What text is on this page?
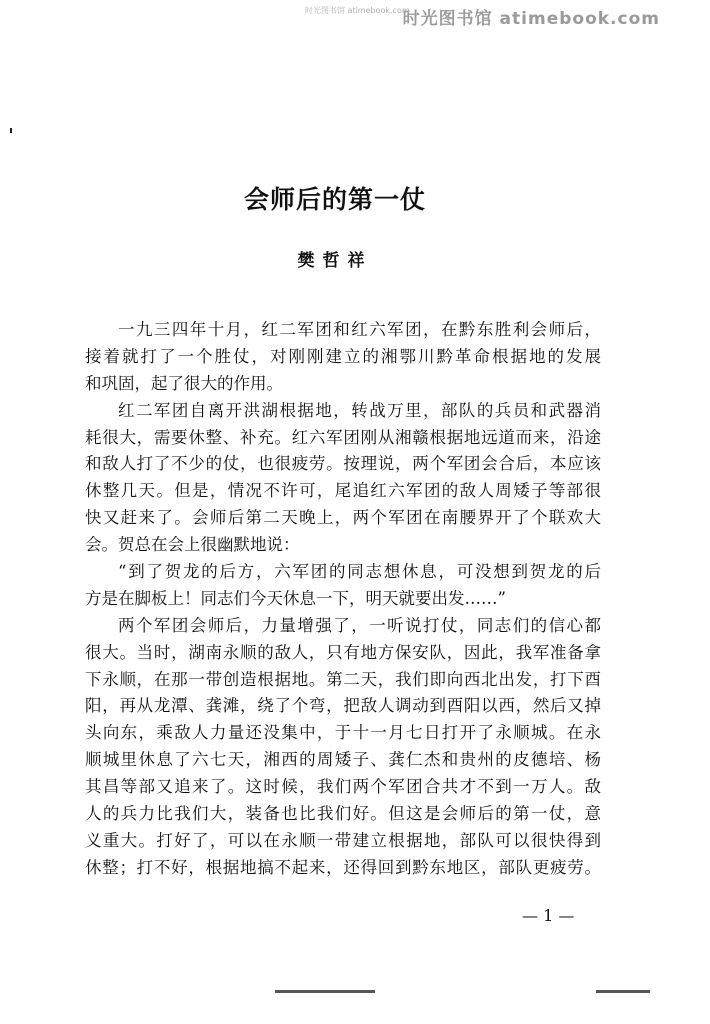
时光图书馆 atimebook.com
时光图书馆 atimebook.com
会师后的第一仗
樊哲祥
一九三四年十月，红二军团和红六军团，在黔东胜利会师后，
接着就打了一个胜仗，对刚刚建立的湘鄂川黔革命根据地的发展
和巩固，起了很大的作用。
红二军团自离开洪湖根据地，转战万里，部队的兵员和武器消
耗很大，需要休整、补充。红六军团刚从湘赣根据地远道而来，沿途
和敌人打了不少的仗，也很疲劳。按理说，两个军团会合后，本应该
休整几天。但是，情况不许可，尾追红六军团的敌人周矮子等部很
快又赶来了。会师后第二天晚上，两个军团在南腰界开了个联欢大
会。贺总在会上很幽默地说：
“到了贺龙的后方，六军团的同志想休息，可没想到贺龙的后
方是在脚板上！同志们今天休息一下，明天就要出发……”
两个军团会师后，力量增强了，一听说打仗，同志们的信心都
很大。当时，湖南永顺的敌人，只有地方保安队，因此，我军准备拿
下永顺，在那一带创造根据地。第二天，我们即向西北出发，打下酉
阳，再从龙潭、龚滩，绕了个弯，把敌人调动到酉阳以西，然后又掉
头向东，乘敌人力量还没集中，于十一月七日打开了永顺城。在永
顺城里休息了六七天，湘西的周矮子、龚仁杰和贵州的皮德培、杨
其昌等部又追来了。这时候，我们两个军团合共才不到一万人。敌
人的兵力比我们大，装备也比我们好。但这是会师后的第一仗，意
义重大。打好了，可以在永顺一带建立根据地，部队可以很快得到
休整；打不好，根据地搞不起来，还得回到黔东地区，部队更疲劳。
— 1 —
